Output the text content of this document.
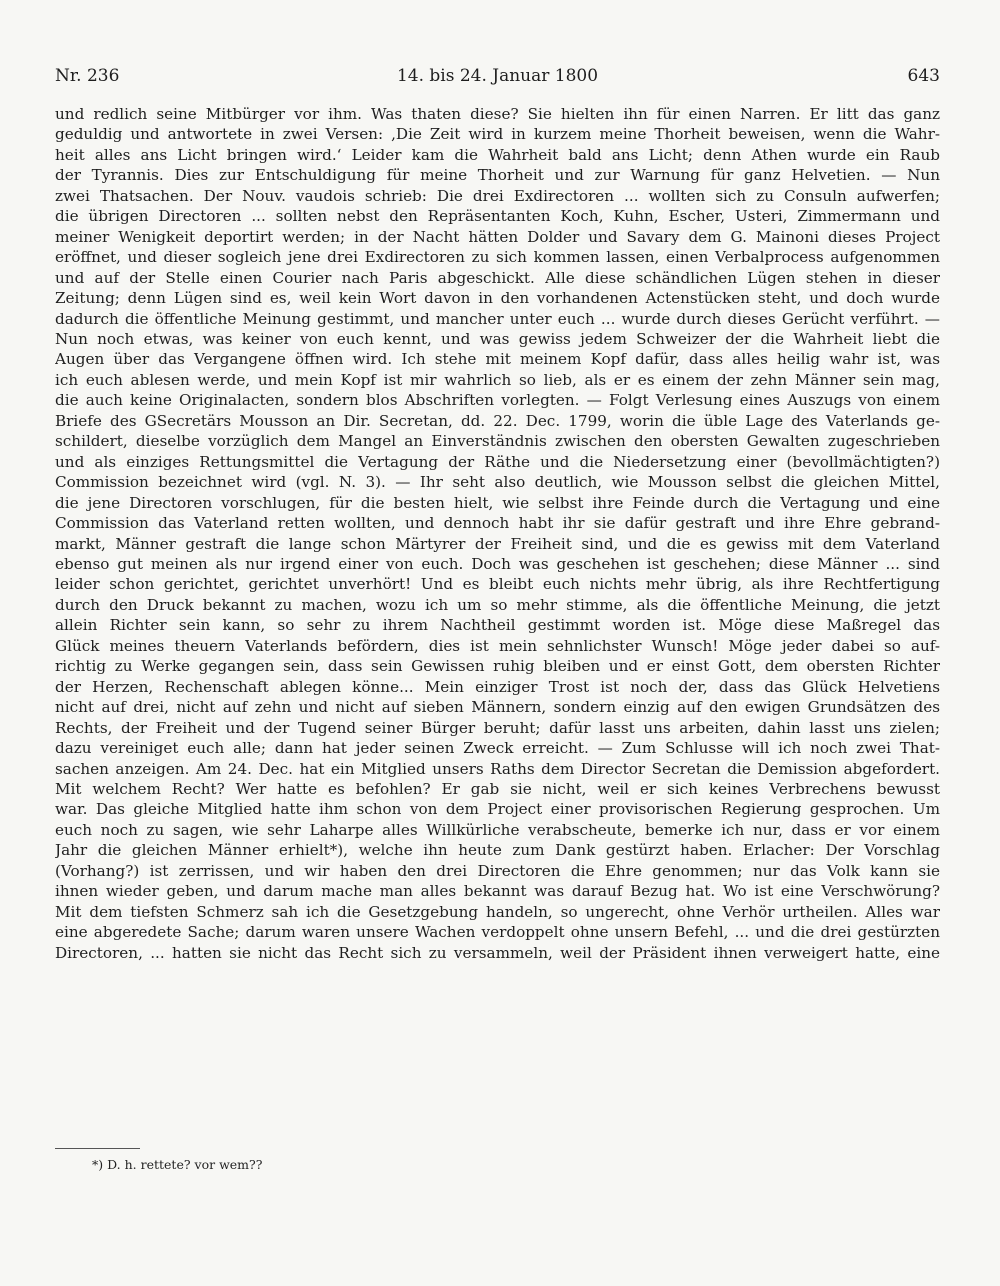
Nr. 236	14. bis 24. Januar 1800	643
und redlich seine Mitbürger vor ihm. Was thaten diese? Sie hielten ihn für einen Narren. Er litt das ganz
geduldig und antwortete in zwei Versen: ‚Die Zeit wird in kurzem meine Thorheit beweisen, wenn die Wahr-
heit alles ans Licht bringen wird.‘ Leider kam die Wahrheit bald ans Licht; denn Athen wurde ein Raub
der Tyrannis. Dies zur Entschuldigung für meine Thorheit und zur Warnung für ganz Helvetien. — Nun
zwei Thatsachen. Der Nouv. vaudois schrieb: Die drei Exdirectoren ... wollten sich zu Consuln aufwerfen;
die übrigen Directoren ... sollten nebst den Repräsentanten Koch, Kuhn, Escher, Usteri, Zimmermann und
meiner Wenigkeit deportirt werden; in der Nacht hätten Dolder und Savary dem G. Mainoni dieses Project
eröffnet, und dieser sogleich jene drei Exdirectoren zu sich kommen lassen, einen Verbalprocess aufgenommen
und auf der Stelle einen Courier nach Paris abgeschickt. Alle diese schändlichen Lügen stehen in dieser
Zeitung; denn Lügen sind es, weil kein Wort davon in den vorhandenen Actenstücken steht, und doch wurde
dadurch die öffentliche Meinung gestimmt, und mancher unter euch ... wurde durch dieses Gerücht verführt. —
Nun noch etwas, was keiner von euch kennt, und was gewiss jedem Schweizer der die Wahrheit liebt die
Augen über das Vergangene öffnen wird. Ich stehe mit meinem Kopf dafür, dass alles heilig wahr ist, was
ich euch ablesen werde, und mein Kopf ist mir wahrlich so lieb, als er es einem der zehn Männer sein mag,
die auch keine Originalacten, sondern blos Abschriften vorlegten. — Folgt Verlesung eines Auszugs von einem
Briefe des GSecretärs Mousson an Dir. Secretan, dd. 22. Dec. 1799, worin die üble Lage des Vaterlands ge-
schildert, dieselbe vorzüglich dem Mangel an Einverständnis zwischen den obersten Gewalten zugeschrieben
und als einziges Rettungsmittel die Vertagung der Räthe und die Niedersetzung einer (bevollmächtigten?)
Commission bezeichnet wird (vgl. N. 3). — Ihr seht also deutlich, wie Mousson selbst die gleichen Mittel,
die jene Directoren vorschlugen, für die besten hielt, wie selbst ihre Feinde durch die Vertagung und eine
Commission das Vaterland retten wollten, und dennoch habt ihr sie dafür gestraft und ihre Ehre gebrand-
markt, Männer gestraft die lange schon Märtyrer der Freiheit sind, und die es gewiss mit dem Vaterland
ebenso gut meinen als nur irgend einer von euch. Doch was geschehen ist geschehen; diese Männer ... sind
leider schon gerichtet, gerichtet unverhört! Und es bleibt euch nichts mehr übrig, als ihre Rechtfertigung
durch den Druck bekannt zu machen, wozu ich um so mehr stimme, als die öffentliche Meinung, die jetzt
allein Richter sein kann, so sehr zu ihrem Nachtheil gestimmt worden ist. Möge diese Maßregel das
Glück meines theuern Vaterlands befördern, dies ist mein sehnlichster Wunsch! Möge jeder dabei so auf-
richtig zu Werke gegangen sein, dass sein Gewissen ruhig bleiben und er einst Gott, dem obersten Richter
der Herzen, Rechenschaft ablegen könne... Mein einziger Trost ist noch der, dass das Glück Helvetiens
nicht auf drei, nicht auf zehn und nicht auf sieben Männern, sondern einzig auf den ewigen Grundsätzen des
Rechts, der Freiheit und der Tugend seiner Bürger beruht; dafür lasst uns arbeiten, dahin lasst uns zielen;
dazu vereiniget euch alle; dann hat jeder seinen Zweck erreicht. — Zum Schlusse will ich noch zwei That-
sachen anzeigen. Am 24. Dec. hat ein Mitglied unsers Raths dem Director Secretan die Demission abgefordert.
Mit welchem Recht? Wer hatte es befohlen? Er gab sie nicht, weil er sich keines Verbrechens bewusst
war. Das gleiche Mitglied hatte ihm schon von dem Project einer provisorischen Regierung gesprochen. Um
euch noch zu sagen, wie sehr Laharpe alles Willkürliche verabscheute, bemerke ich nur, dass er vor einem
Jahr die gleichen Männer erhielt*), welche ihn heute zum Dank gestürzt haben. Erlacher: Der Vorschlag
(Vorhang?) ist zerrissen, und wir haben den drei Directoren die Ehre genommen; nur das Volk kann sie
ihnen wieder geben, und darum mache man alles bekannt was darauf Bezug hat. Wo ist eine Verschwörung?
Mit dem tiefsten Schmerz sah ich die Gesetzgebung handeln, so ungerecht, ohne Verhör urtheilen. Alles war
eine abgeredete Sache; darum waren unsere Wachen verdoppelt ohne unsern Befehl, ... und die drei gestürzten
Directoren, ... hatten sie nicht das Recht sich zu versammeln, weil der Präsident ihnen verweigert hatte, eine
*) D. h. rettete? vor wem??
